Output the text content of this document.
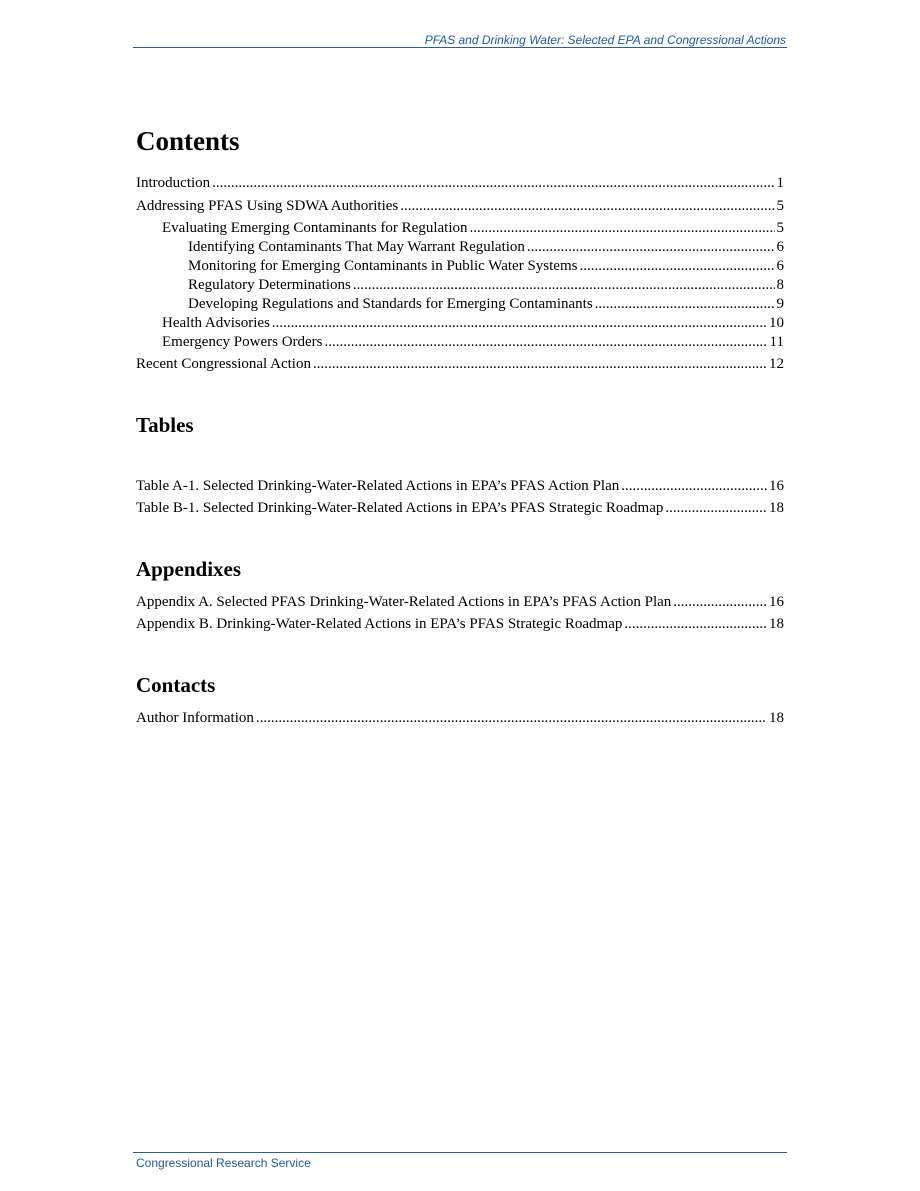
PFAS and Drinking Water: Selected EPA and Congressional Actions
Contents
Introduction .....	1
Addressing PFAS Using SDWA Authorities .....	5
Evaluating Emerging Contaminants for Regulation .....	5
Identifying Contaminants That May Warrant Regulation .....	6
Monitoring for Emerging Contaminants in Public Water Systems .....	6
Regulatory Determinations .....	8
Developing Regulations and Standards for Emerging Contaminants .....	9
Health Advisories .....	10
Emergency Powers Orders .....	11
Recent Congressional Action .....	12
Tables
Table A-1. Selected Drinking-Water-Related Actions in EPA’s PFAS Action Plan .....	16
Table B-1. Selected Drinking-Water-Related Actions in EPA’s PFAS Strategic Roadmap .....	18
Appendixes
Appendix A. Selected PFAS Drinking-Water-Related Actions in EPA’s PFAS Action Plan .....	16
Appendix B. Drinking-Water-Related Actions in EPA’s PFAS Strategic Roadmap .....	18
Contacts
Author Information .....	18
Congressional Research Service
